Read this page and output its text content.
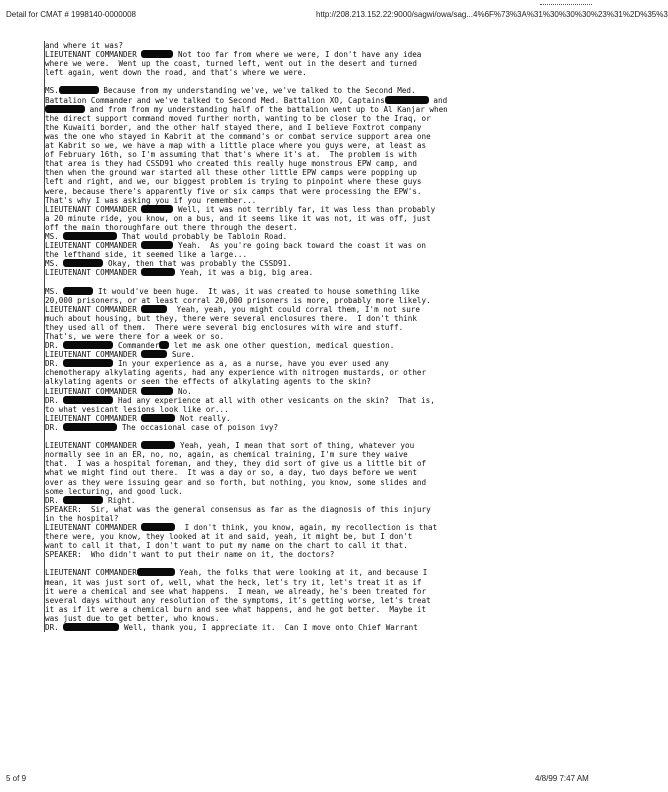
Detail for CMAT # 1998140-0000008	http://208.213.152.22:9000/sagwi/owa/sag...4%6F%73%3A%31%30%30%30%23%31%2D%35%3
and where it was?
LIEUTENANT COMMANDER	Not too far from where we were, I don't have any idea
where we were.  Went up the coast, turned left, went out in the desert and turned
left again, went down the road, and that's where we were.
MS.	Because from my understanding we've, we've talked to the Second Med.
Battalion Commander and we've talked to Second Med. Battalion XO, Captains	and
and from from my understanding half of the battalion went up to Al Kanjar when
the direct support command moved further north, wanting to be closer to the Iraq, or
the Kuwaiti border, and the other half stayed there, and I believe Foxtrot company
was the one who stayed in Kabrit at the command's or combat service support area one
at Kabrit so we, we have a map with a little place where you guys were, at least as
of February 16th, so I'm assuming that that's where it's at.  The problem is with
that area is they had CSSD91 who created this really huge monstrous EPW camp, and
then when the ground war started all these other little EPW camps were popping up
left and right, and we, our biggest problem is trying to pinpoint where these guys
were, because there's apparently five or six camps that were processing the EPW's.
That's why I was asking you if you remember...
LIEUTENANT COMMANDER	Well, it was not terribly far, it was less than probably
a 20 minute ride, you know, on a bus, and it seems like it was not, it was off, just
off the main thoroughfare out there through the desert.
MS.	That would probably be Tabloin Road.
LIEUTENANT COMMANDER	Yeah.  As you're going back toward the coast it was on
the lefthand side, it seemed like a large...
MS.	Okay, then that was probably the CSSD91.
LIEUTENANT COMMANDER	Yeah, it was a big, big area.
MS.	It would've been huge.  It was, it was created to house something like
20,000 prisoners, or at least corral 20,000 prisoners is more, probably more likely.
LIEUTENANT COMMANDER	Yeah, yeah, you might could corral them, I'm not sure
much about housing, but they, there were several enclosures there.  I don't think
they used all of them.  There were several big enclosures with wire and stuff.
That's, we were there for a week or so.
DR.	Commander let me ask one other question, medical question.
LIEUTENANT COMMANDER	Sure.
DR.	In your experience as a, as a nurse, have you ever used any
chemotherapy alkylating agents, had any experience with nitrogen mustards, or other
alkylating agents or seen the effects of alkylating agents to the skin?
LIEUTENANT COMMANDER	No.
DR.	Had any experience at all with other vesicants on the skin?  That is,
to what vesicant lesions look like or...
LIEUTENANT COMMANDER	Not really.
DR.	The occasional case of poison ivy?
LIEUTENANT COMMANDER	Yeah, yeah, I mean that sort of thing, whatever you
normally see in an ER, no, no, again, as chemical training, I'm sure they waive
that.  I was a hospital foreman, and they, they did sort of give us a little bit of
what we might find out there.  It was a day or so, a day, two days before we went
over as they were issuing gear and so forth, but nothing, you know, some slides and
some lecturing, and good luck.
DR.	Right.
SPEAKER:  Sir, what was the general consensus as far as the diagnosis of this injury
in the hospital?
LIEUTENANT COMMANDER	I don't think, you know, again, my recollection is that
there were, you know, they looked at it and said, yeah, it might be, but I don't
want to call it that, I don't want to put my name on the chart to call it that.
SPEAKER:  Who didn't want to put their name on it, the doctors?
LIEUTENANT COMMANDER	Yeah, the folks that were looking at it, and because I
mean, it was just sort of, well, what the heck, let's try it, let's treat it as if
it were a chemical and see what happens.  I mean, we already, he's been treated for
several days without any resolution of the symptoms, it's getting worse, let's treat
it as if it were a chemical burn and see what happens, and he got better.  Maybe it
was just due to get better, who knows.
DR.	Well, thank you, I appreciate it.  Can I move onto Chief Warrant
5 of 9	4/8/99 7:47 AM
